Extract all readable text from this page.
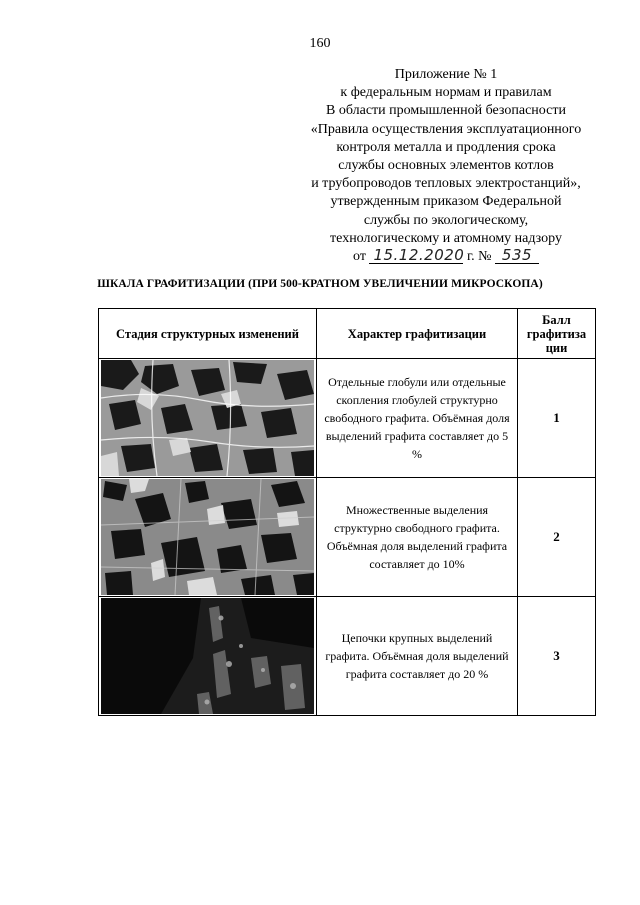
160
Приложение № 1
к федеральным нормам и правилам
В области промышленной безопасности
«Правила осуществления эксплуатационного
контроля металла и продления срока
службы основных элементов котлов
и трубопроводов тепловых электростанций»,
утвержденным приказом Федеральной
службы по экологическому,
технологическому и атомному надзору
от 15.12.2020 г. № 535
ШКАЛА ГРАФИТИЗАЦИИ (ПРИ 500-КРАТНОМ УВЕЛИЧЕНИИ МИКРОСКОПА)
Стадия структурных изменений	Характер графитизации	Балл графитиза ции

	Отдельные глобули или отдельные скопления глобулей структурно свободного графита. Объёмная доля выделений графита составляет до 5 %	1

	Множественные выделения структурно свободного графита. Объёмная доля выделений графита составляет до 10%	2

	Цепочки крупных выделений графита. Объёмная доля выделений графита составляет до 20 %	3
